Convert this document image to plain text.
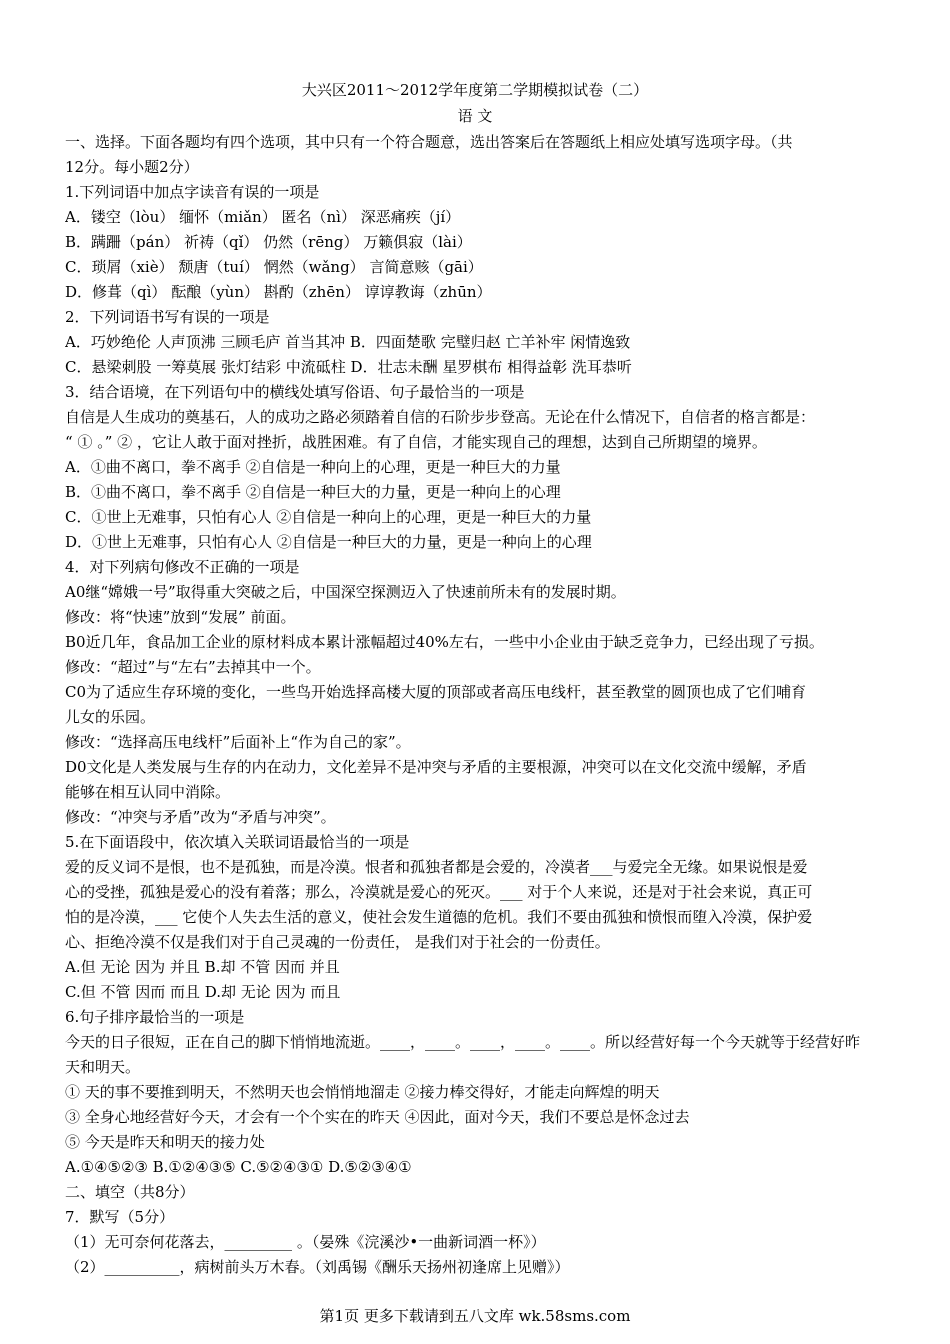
大兴区2011～2012学年度第二学期模拟试卷（二）
语 文
一、选择。下面各题均有四个选项，其中只有一个符合题意，选出答案后在答题纸上相应处填写选项字母。（共
12分。每小题2分）
1.下列词语中加点字读音有误的一项是
A．镂空（lòu） 缅怀（miǎn） 匿名（nì） 深恶痛疾（jí）
B．蹒跚（pán） 祈祷（qǐ） 仍然（rēng） 万籁俱寂（lài）
C．琐屑（xiè） 颓唐（tuí） 惘然（wǎng） 言简意赅（gāi）
D．修葺（qì） 酝酿（yùn） 斟酌（zhēn） 谆谆教诲（zhūn）
2．下列词语书写有误的一项是
A．巧妙绝伦 人声顶沸 三顾毛庐 首当其冲 B．四面楚歌 完璧归赵 亡羊补牢 闲情逸致
C．悬梁刺股 一筹莫展 张灯结彩 中流砥柱 D．壮志未酬 星罗棋布 相得益彰 洗耳恭听
3．结合语境，在下列语句中的横线处填写俗语、句子最恰当的一项是
自信是人生成功的奠基石，人的成功之路必须踏着自信的石阶步步登高。无论在什么情况下，自信者的格言都是：
“ ① 。” ② ，它让人敢于面对挫折，战胜困难。有了自信，才能实现自己的理想，达到自己所期望的境界。
A．①曲不离口，拳不离手 ②自信是一种向上的心理，更是一种巨大的力量
B．①曲不离口，拳不离手 ②自信是一种巨大的力量，更是一种向上的心理
C．①世上无难事，只怕有心人 ②自信是一种向上的心理，更是一种巨大的力量
D．①世上无难事，只怕有心人 ②自信是一种巨大的力量，更是一种向上的心理
4．对下列病句修改不正确的一项是
A0继“嫦娥一号”取得重大突破之后，中国深空探测迈入了快速前所未有的发展时期。
修改：将“快速”放到“发展” 前面。
B0近几年，食品加工企业的原材料成本累计涨幅超过40%左右，一些中小企业由于缺乏竞争力，已经出现了亏损。
修改：“超过”与“左右”去掉其中一个。
C0为了适应生存环境的变化，一些鸟开始选择高楼大厦的顶部或者高压电线杆，甚至教堂的圆顶也成了它们哺育
儿女的乐园。
修改：“选择高压电线杆”后面补上“作为自己的家”。
D0文化是人类发展与生存的内在动力，文化差异不是冲突与矛盾的主要根源，冲突可以在文化交流中缓解，矛盾
能够在相互认同中消除。
修改：“冲突与矛盾”改为“矛盾与冲突”。
5.在下面语段中，依次填入关联词语最恰当的一项是
爱的反义词不是恨，也不是孤独，而是冷漠。恨者和孤独者都是会爱的，冷漠者___与爱完全无缘。如果说恨是爱
心的受挫，孤独是爱心的没有着落；那么，冷漠就是爱心的死灭。___ 对于个人来说，还是对于社会来说，真正可
怕的是冷漠，___ 它使个人失去生活的意义，使社会发生道德的危机。我们不要由孤独和愤恨而堕入冷漠，保护爱
心、拒绝冷漠不仅是我们对于自己灵魂的一份责任， 是我们对于社会的一份责任。
A.但 无论 因为 并且 B.却 不管 因而 并且
C.但 不管 因而 而且 D.却 无论 因为 而且
6.句子排序最恰当的一项是
今天的日子很短，正在自己的脚下悄悄地流逝。____，____。____，____。____。所以经营好每一个今天就等于经营好昨
天和明天。
① 天的事不要推到明天，不然明天也会悄悄地溜走 ②接力棒交得好，才能走向辉煌的明天
③ 全身心地经营好今天，才会有一个个实在的昨天 ④因此，面对今天，我们不要总是怀念过去
⑤ 今天是昨天和明天的接力处
A.①④⑤②③ B.①②④③⑤ C.⑤②④③① D.⑤②③④①
二、填空（共8分）
7．默写（5分）
（1）无可奈何花落去，_________ 。（晏殊《浣溪沙•一曲新词酒一杯》）
（2）__________，病树前头万木春。（刘禹锡《酬乐天扬州初逢席上见赠》）
第1页 更多下载请到五八文库 wk.58sms.com
